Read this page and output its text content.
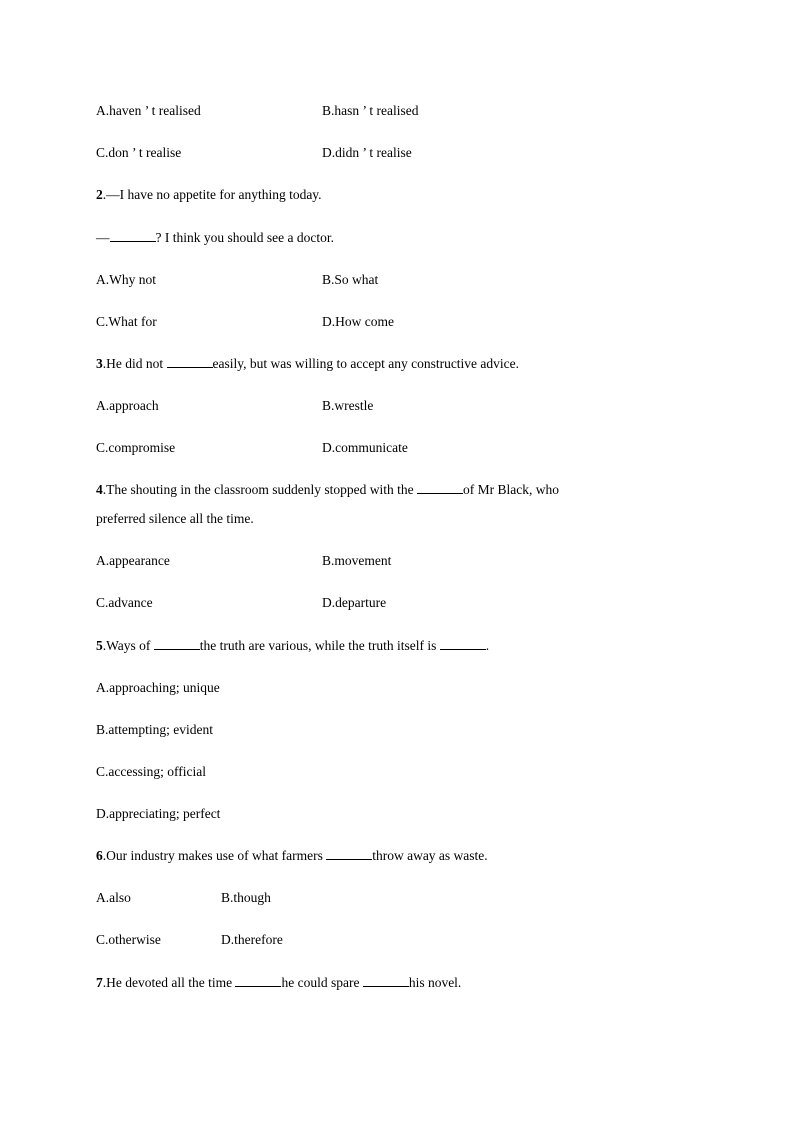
A.haven ’ t realised	B.hasn ’ t realised
C.don ’ t realise	D.didn ’ t realise
2.—I have no appetite for anything today.
—	? I think you should see a doctor.
A.Why not	B.So what
C.What for	D.How come
3.He did not	easily, but was willing to accept any constructive advice.
A.approach	B.wrestle
C.compromise	D.communicate
4.The shouting in the classroom suddenly stopped with the	of Mr Black, who
preferred silence all the time.
A.appearance	B.movement
C.advance	D.departure
5.Ways of	the truth are various, while the truth itself is	.
A.approaching; unique
B.attempting; evident
C.accessing; official
D.appreciating; perfect
6.Our industry makes use of what farmers	throw away as waste.
A.also	B.though
C.otherwise	D.therefore
7.He devoted all the time	he could spare	his novel.
